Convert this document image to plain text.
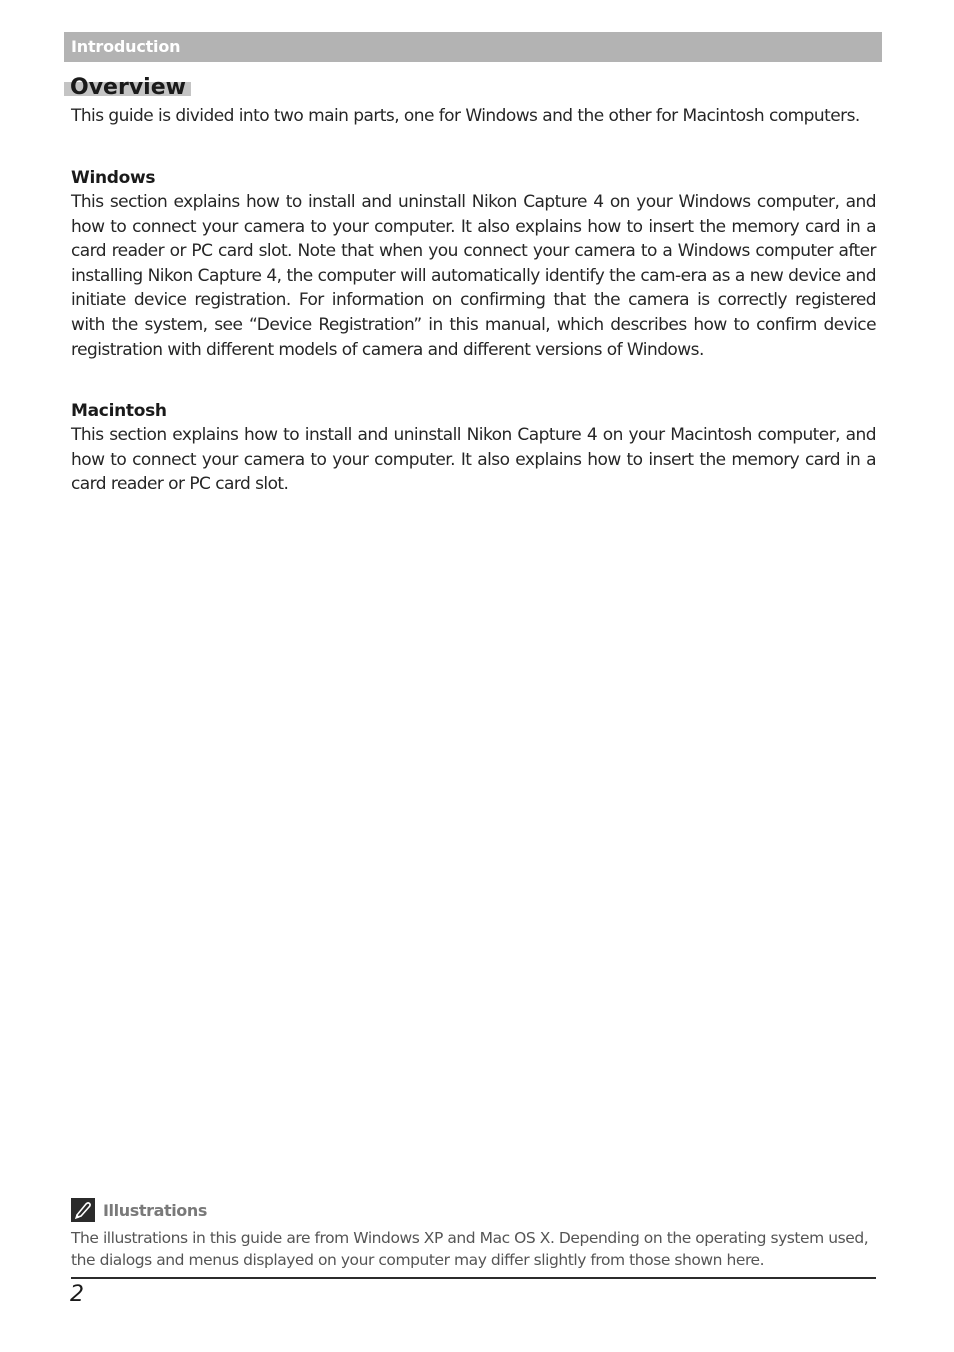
Introduction
Overview

This guide is divided into two main parts, one for Windows and the other for Macintosh computers.

Windows

This section explains how to install and uninstall Nikon Capture 4 on your Windows computer, and how to connect your camera to your computer. It also explains how to insert the memory card in a card reader or PC card slot. Note that when you connect your camera to a Windows computer after installing Nikon Capture 4, the computer will automatically identify the cam-era as a new device and initiate device registration. For information on confirming that the camera is correctly registered with the system, see “Device Registration” in this manual, which describes how to confirm device registration with different models of camera and different versions of Windows.

Macintosh

This section explains how to install and uninstall Nikon Capture 4 on your Macintosh computer, and how to connect your camera to your computer. It also explains how to insert the memory card in a card reader or PC card slot.

Illustrations

The illustrations in this guide are from Windows XP and Mac OS X. Depending on the operating system used, the dialogs and menus displayed on your computer may differ slightly from those shown here.

2
